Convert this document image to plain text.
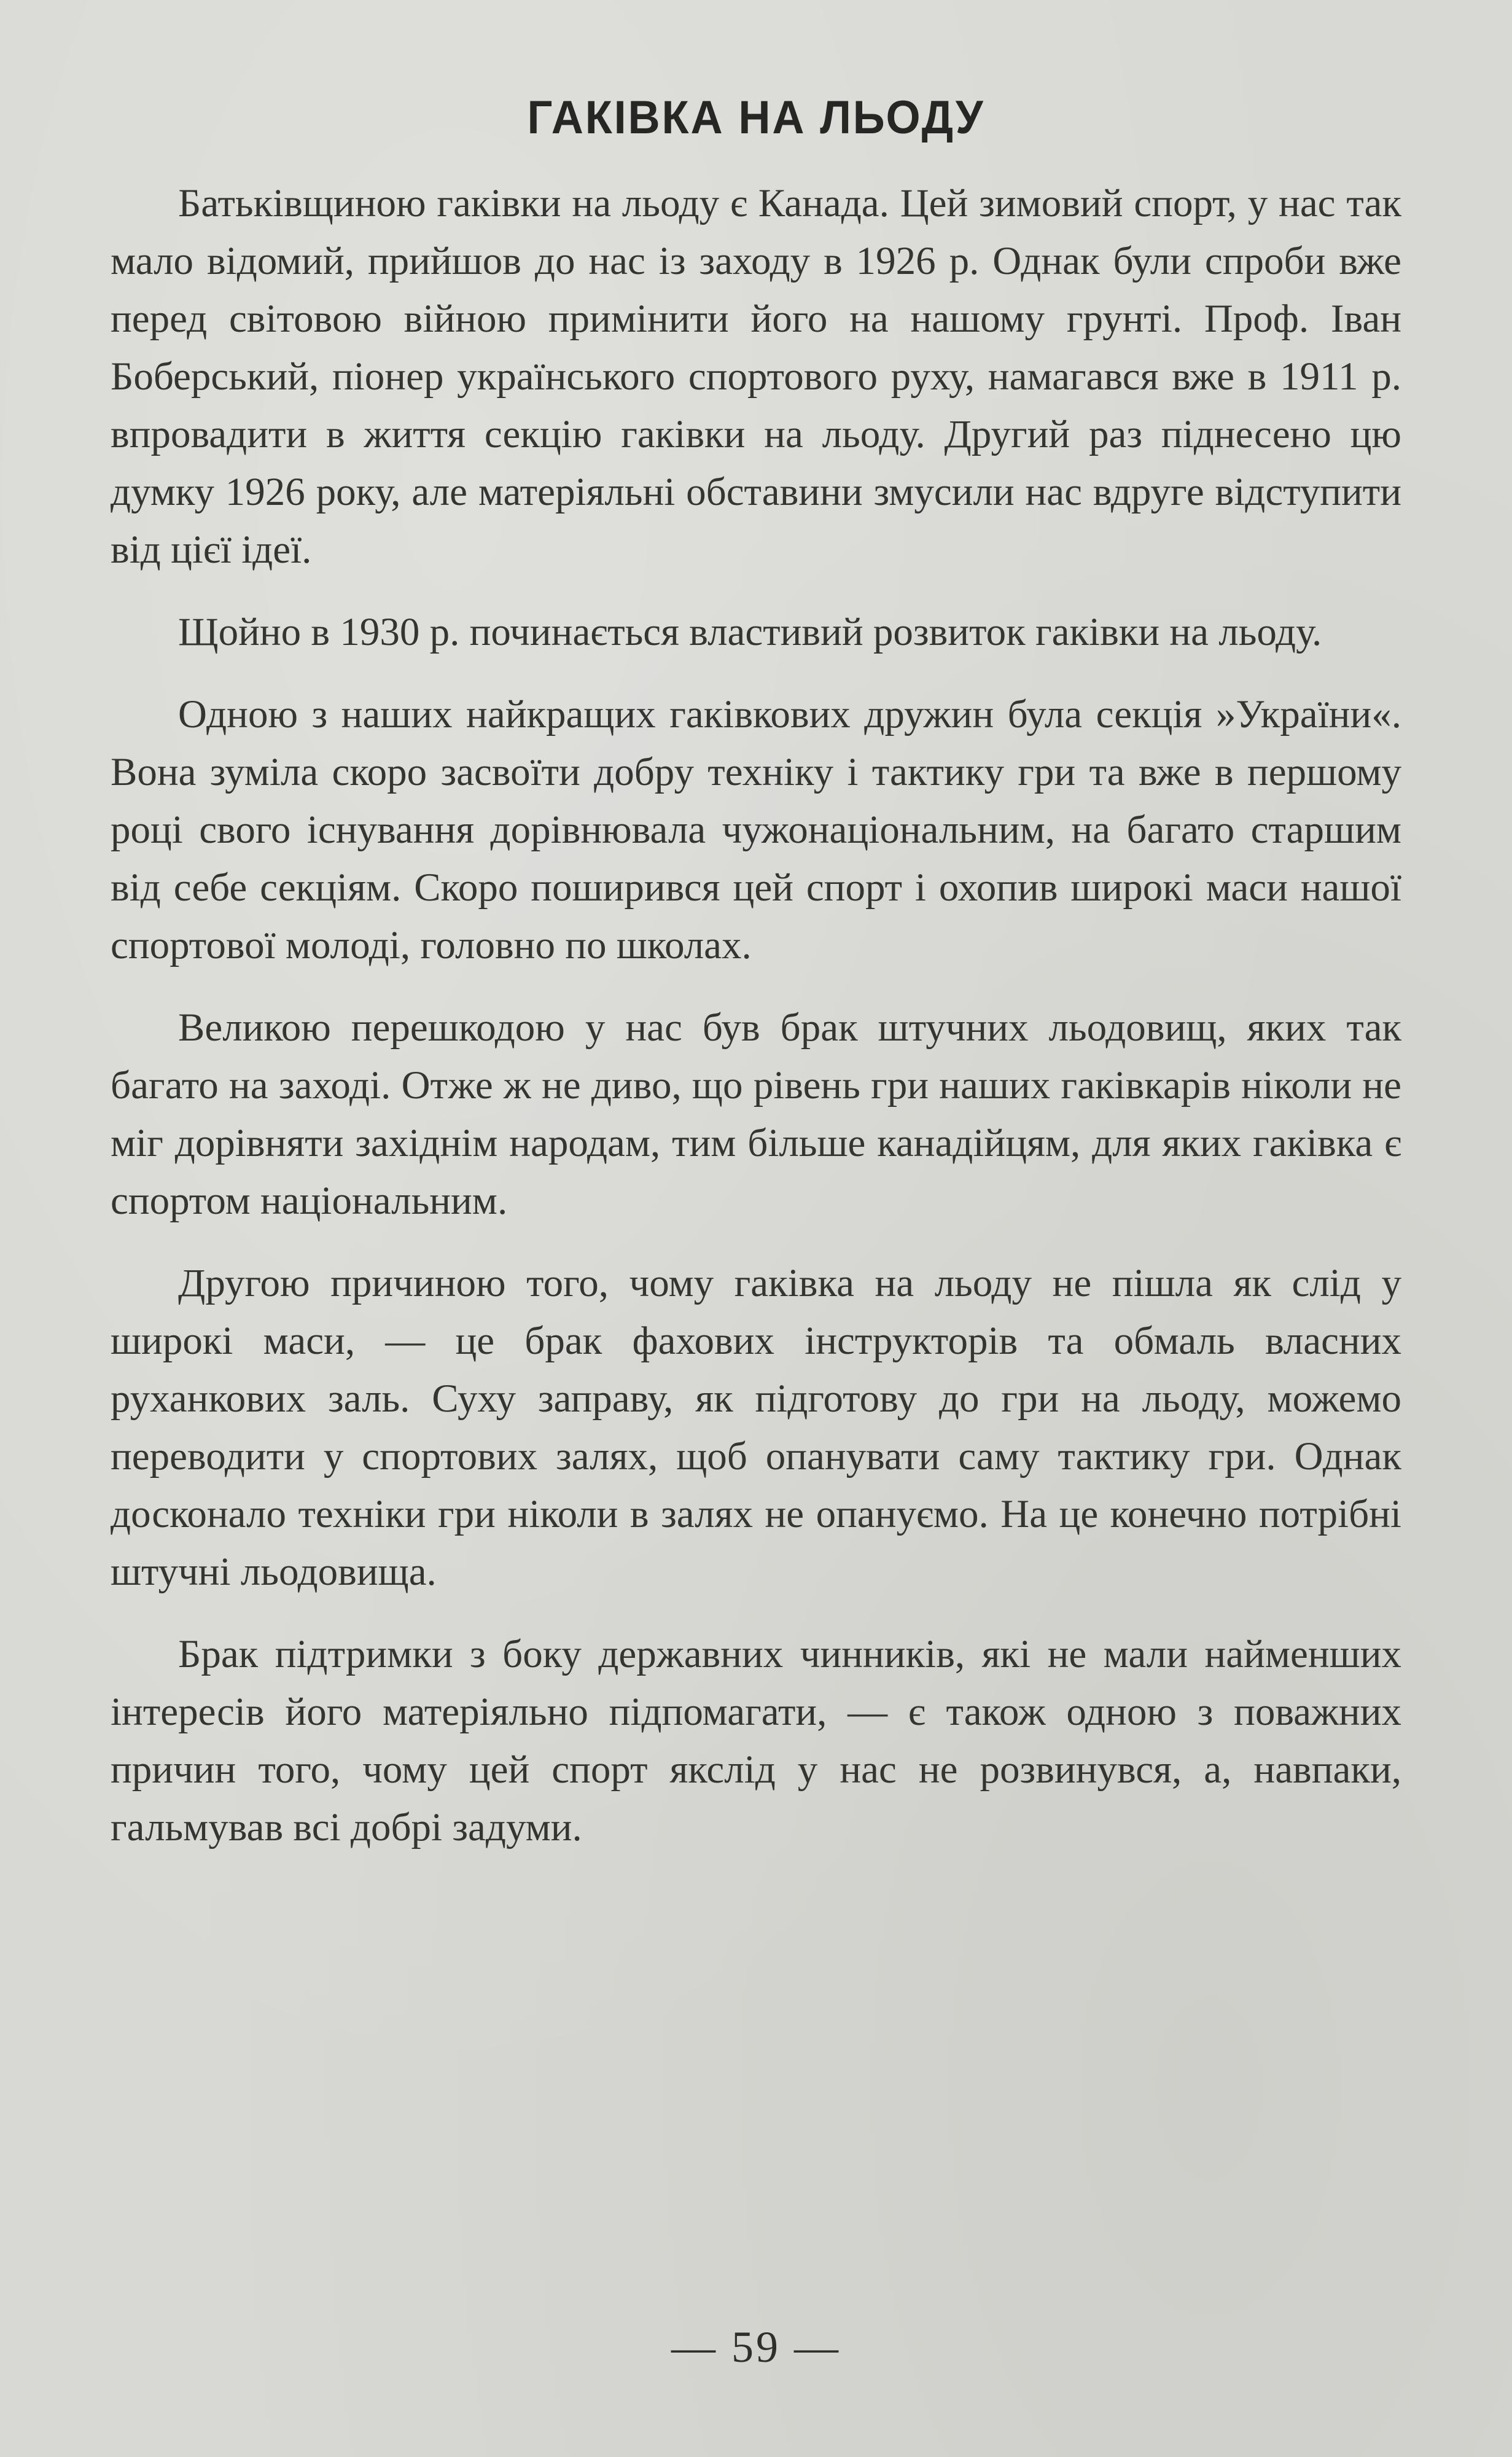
ГАКІВКА НА ЛЬОДУ

Батьківщиною гаківки на льоду є Канада. Цей зимовий спорт, у нас так мало відомий, прийшов до нас із заходу в 1926 р. Однак були спроби вже перед світовою війною примінити його на нашому грунті. Проф. Іван Боберський, піонер українського спортового руху, намагався вже в 1911 р. впровадити в життя секцію гаківки на льоду. Другий раз піднесено цю думку 1926 року, але матеріяльні обставини змусили нас вдруге відступити від цієї ідеї.

Щойно в 1930 р. починається властивий розвиток гаківки на льоду.

Одною з наших найкращих гаківкових дружин була секція »України«. Вона зуміла скоро засвоїти добру техніку і тактику гри та вже в першому році свого існування дорівнювала чужонаціональним, на багато старшим від себе секціям. Скоро поширився цей спорт і охопив широкі маси нашої спортової молоді, головно по школах.

Великою перешкодою у нас був брак штучних льодовищ, яких так багато на заході. Отже ж не диво, що рівень гри наших гаківкарів ніколи не міг дорівняти західнім народам, тим більше канадійцям, для яких гаківка є спортом національним.

Другою причиною того, чому гаківка на льоду не пішла як слід у широкі маси, — це брак фахових інструкторів та обмаль власних руханкових заль. Суху заправу, як підготову до гри на льоду, можемо переводити у спортових залях, щоб опанувати саму тактику гри. Однак досконало техніки гри ніколи в залях не опануємо. На це конечно потрібні штучні льодовища.

Брак підтримки з боку державних чинників, які не мали найменших інтересів його матеріяльно підпомагати, — є також одною з поважних причин того, чому цей спорт якслід у нас не розвинувся, а, навпаки, гальмував всі добрі задуми.

— 59 —
